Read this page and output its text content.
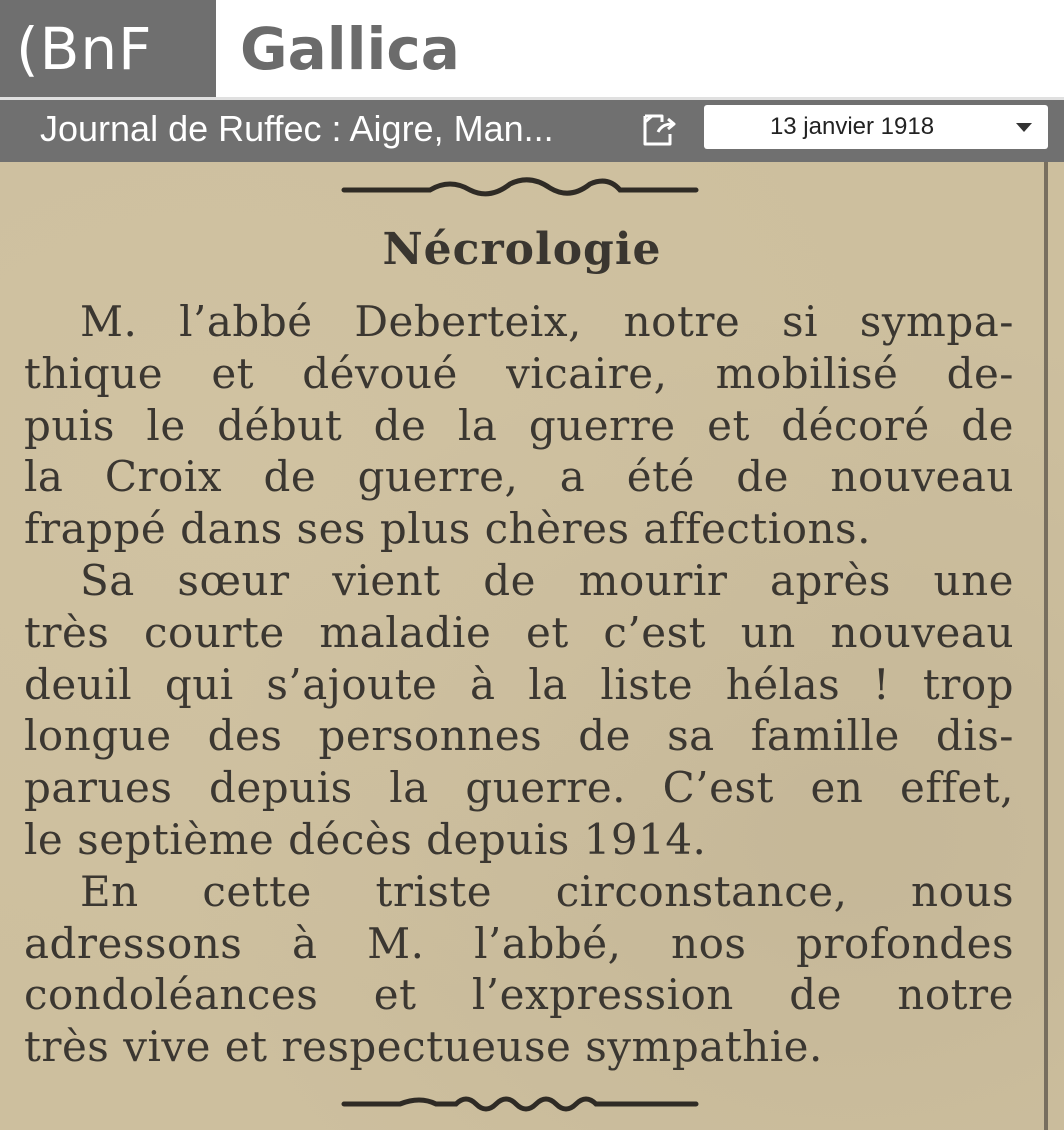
(BnF	Gallica
Journal de Ruffec : Aigre, Man...	13 janvier 1918
Nécrologie
M. l’abbé Deberteix, notre si sympa-
thique et dévoué vicaire, mobilisé de-
puis le début de la guerre et décoré de
la Croix de guerre, a été de nouveau
frappé dans ses plus chères affections.
Sa sœur vient de mourir après une
très courte maladie et c’est un nouveau
deuil qui s’ajoute à la liste hélas ! trop
longue des personnes de sa famille dis-
parues depuis la guerre. C’est en effet,
le septième décès depuis 1914.
En cette triste circonstance, nous
adressons à M. l’abbé, nos profondes
condoléances et l’expression de notre
très vive et respectueuse sympathie.
